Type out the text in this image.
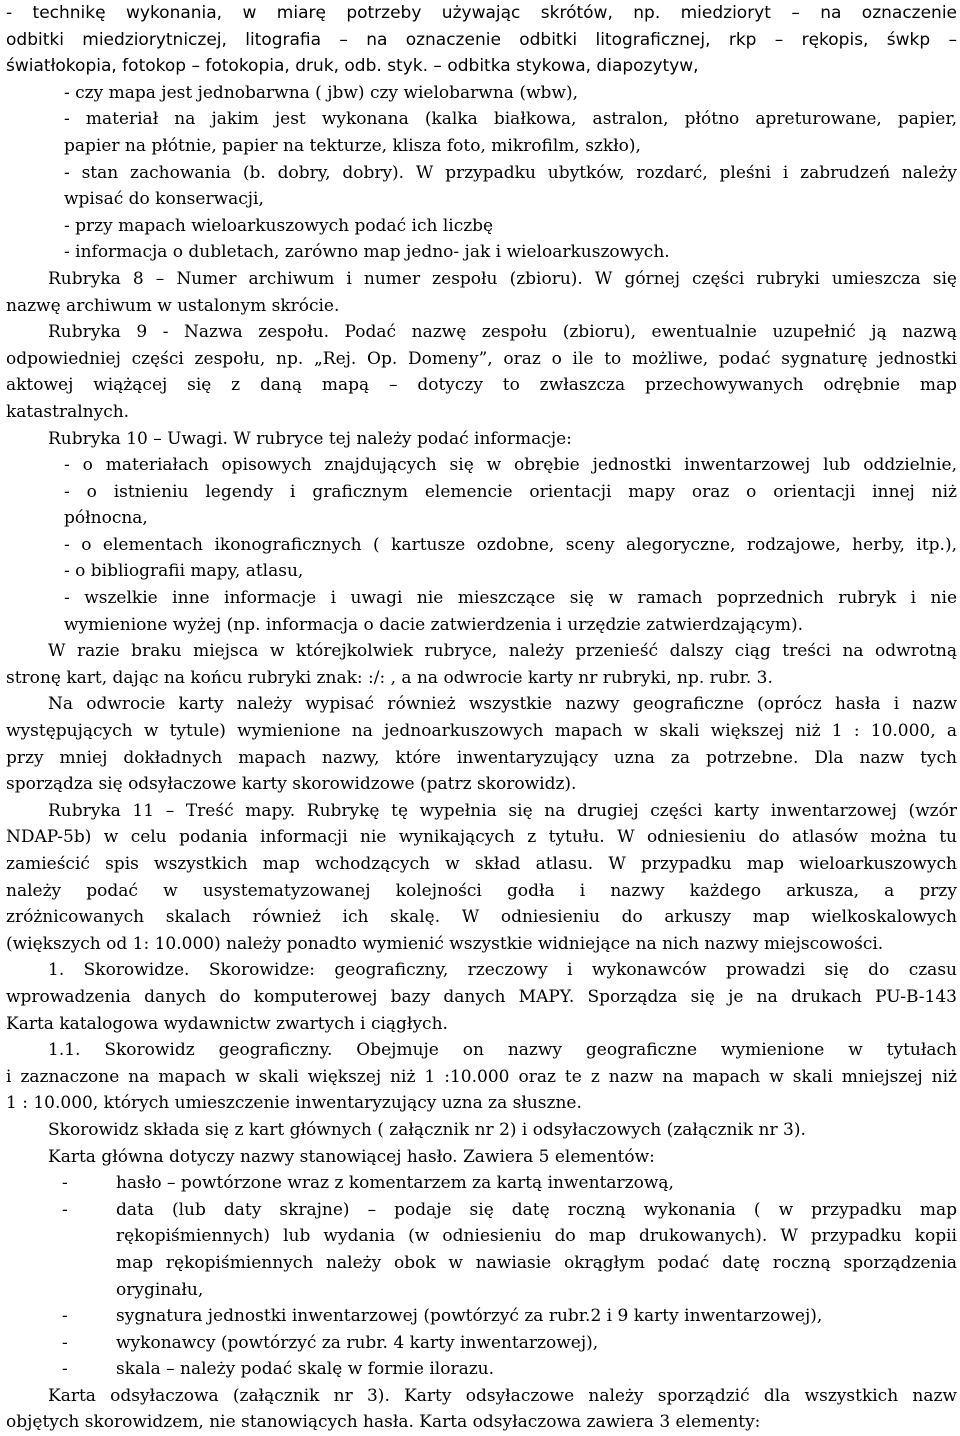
- technikę wykonania, w miarę potrzeby używając skrótów, np. miedzioryt – na oznaczenie
odbitki miedziorytniczej, litografia – na oznaczenie odbitki litograficznej, rkp – rękopis, śwkp –
światłokopia, fotokop – fotokopia, druk, odb. styk. – odbitka stykowa, diapozytyw,
- czy mapa jest jednobarwna ( jbw) czy wielobarwna (wbw),
- materiał na jakim jest wykonana (kalka białkowa, astralon, płótno apreturowane, papier,
papier na płótnie, papier na tekturze, klisza foto, mikrofilm, szkło),
- stan zachowania (b. dobry, dobry). W przypadku ubytków, rozdarć, pleśni i zabrudzeń należy
wpisać do konserwacji,
- przy mapach wieloarkuszowych podać ich liczbę
- informacja o dubletach, zarówno map jedno- jak i wieloarkuszowych.
Rubryka 8 – Numer archiwum i numer zespołu (zbioru). W górnej części rubryki umieszcza się
nazwę archiwum w ustalonym skrócie.
Rubryka 9 - Nazwa zespołu. Podać nazwę zespołu (zbioru), ewentualnie uzupełnić ją nazwą
odpowiedniej części zespołu, np. „Rej. Op. Domeny”, oraz o ile to możliwe, podać sygnaturę jednostki
aktowej wiążącej się z daną mapą – dotyczy to zwłaszcza przechowywanych odrębnie map
katastralnych.
Rubryka 10 – Uwagi. W rubryce tej należy podać informacje:
- o materiałach opisowych znajdujących się w obrębie jednostki inwentarzowej lub oddzielnie,
- o istnieniu legendy i graficznym elemencie orientacji mapy oraz o orientacji innej niż
północna,
- o elementach ikonograficznych ( kartusze ozdobne, sceny alegoryczne, rodzajowe, herby, itp.),
- o bibliografii mapy, atlasu,
- wszelkie inne informacje i uwagi nie mieszczące się w ramach poprzednich rubryk i nie
wymienione wyżej (np. informacja o dacie zatwierdzenia i urzędzie zatwierdzającym).
W razie braku miejsca w którejkolwiek rubryce, należy przenieść dalszy ciąg treści na odwrotną
stronę kart, dając na końcu rubryki znak: :/: , a na odwrocie karty nr rubryki, np. rubr. 3.
Na odwrocie karty należy wypisać również wszystkie nazwy geograficzne (oprócz hasła i nazw
występujących w tytule) wymienione na jednoarkuszowych mapach w skali większej niż 1 : 10.000, a
przy mniej dokładnych mapach nazwy, które inwentaryzujący uzna za potrzebne. Dla nazw tych
sporządza się odsyłaczowe karty skorowidzowe (patrz skorowidz).
Rubryka 11 – Treść mapy. Rubrykę tę wypełnia się na drugiej części karty inwentarzowej (wzór
NDAP-5b) w celu podania informacji nie wynikających z tytułu. W odniesieniu do atlasów można tu
zamieścić spis wszystkich map wchodzących w skład atlasu. W przypadku map wieloarkuszowych
należy podać w usystematyzowanej kolejności godła i nazwy każdego arkusza, a przy
zróżnicowanych skalach również ich skalę. W odniesieniu do arkuszy map wielkoskalowych
(większych od 1: 10.000) należy ponadto wymienić wszystkie widniejące na nich nazwy miejscowości.
1. Skorowidze. Skorowidze: geograficzny, rzeczowy i wykonawców prowadzi się do czasu
wprowadzenia danych do komputerowej bazy danych MAPY. Sporządza się je na drukach PU-B-143
Karta katalogowa wydawnictw zwartych i ciągłych.
1.1. Skorowidz geograficzny. Obejmuje on nazwy geograficzne wymienione w tytułach
i zaznaczone na mapach w skali większej niż 1 :10.000 oraz te z nazw na mapach w skali mniejszej niż
1 : 10.000, których umieszczenie inwentaryzujący uzna za słuszne.
Skorowidz składa się z kart głównych ( załącznik nr 2) i odsyłaczowych (załącznik nr 3).
Karta główna dotyczy nazwy stanowiącej hasło. Zawiera 5 elementów:
-	hasło – powtórzone wraz z komentarzem za kartą inwentarzową,
-	data (lub daty skrajne) – podaje się datę roczną wykonania ( w przypadku map
rękopiśmiennych) lub wydania (w odniesieniu do map drukowanych). W przypadku kopii
map rękopiśmiennych należy obok w nawiasie okrągłym podać datę roczną sporządzenia
oryginału,
-	sygnatura jednostki inwentarzowej (powtórzyć za rubr.2 i 9 karty inwentarzowej),
-	wykonawcy (powtórzyć za rubr. 4 karty inwentarzowej),
-	skala – należy podać skalę w formie ilorazu.
Karta odsyłaczowa (załącznik nr 3). Karty odsyłaczowe należy sporządzić dla wszystkich nazw
objętych skorowidzem, nie stanowiących hasła. Karta odsyłaczowa zawiera 3 elementy:
